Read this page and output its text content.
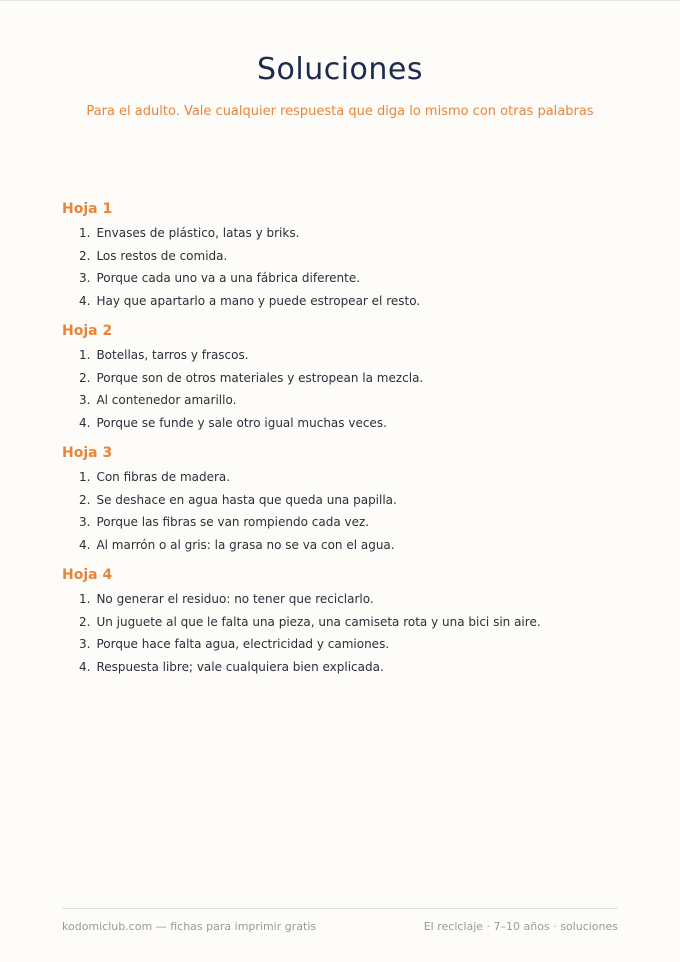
Soluciones

Para el adulto. Vale cualquier respuesta que diga lo mismo con otras palabras

Hoja 1
1. Envases de plástico, latas y briks.
2. Los restos de comida.
3. Porque cada uno va a una fábrica diferente.
4. Hay que apartarlo a mano y puede estropear el resto.
Hoja 2
1. Botellas, tarros y frascos.
2. Porque son de otros materiales y estropean la mezcla.
3. Al contenedor amarillo.
4. Porque se funde y sale otro igual muchas veces.
Hoja 3
1. Con fibras de madera.
2. Se deshace en agua hasta que queda una papilla.
3. Porque las fibras se van rompiendo cada vez.
4. Al marrón o al gris: la grasa no se va con el agua.
Hoja 4
1. No generar el residuo: no tener que reciclarlo.
2. Un juguete al que le falta una pieza, una camiseta rota y una bici sin aire.
3. Porque hace falta agua, electricidad y camiones.
4. Respuesta libre; vale cualquiera bien explicada.
kodomiclub.com — fichas para imprimir gratis	El reciclaje · 7–10 años · soluciones
